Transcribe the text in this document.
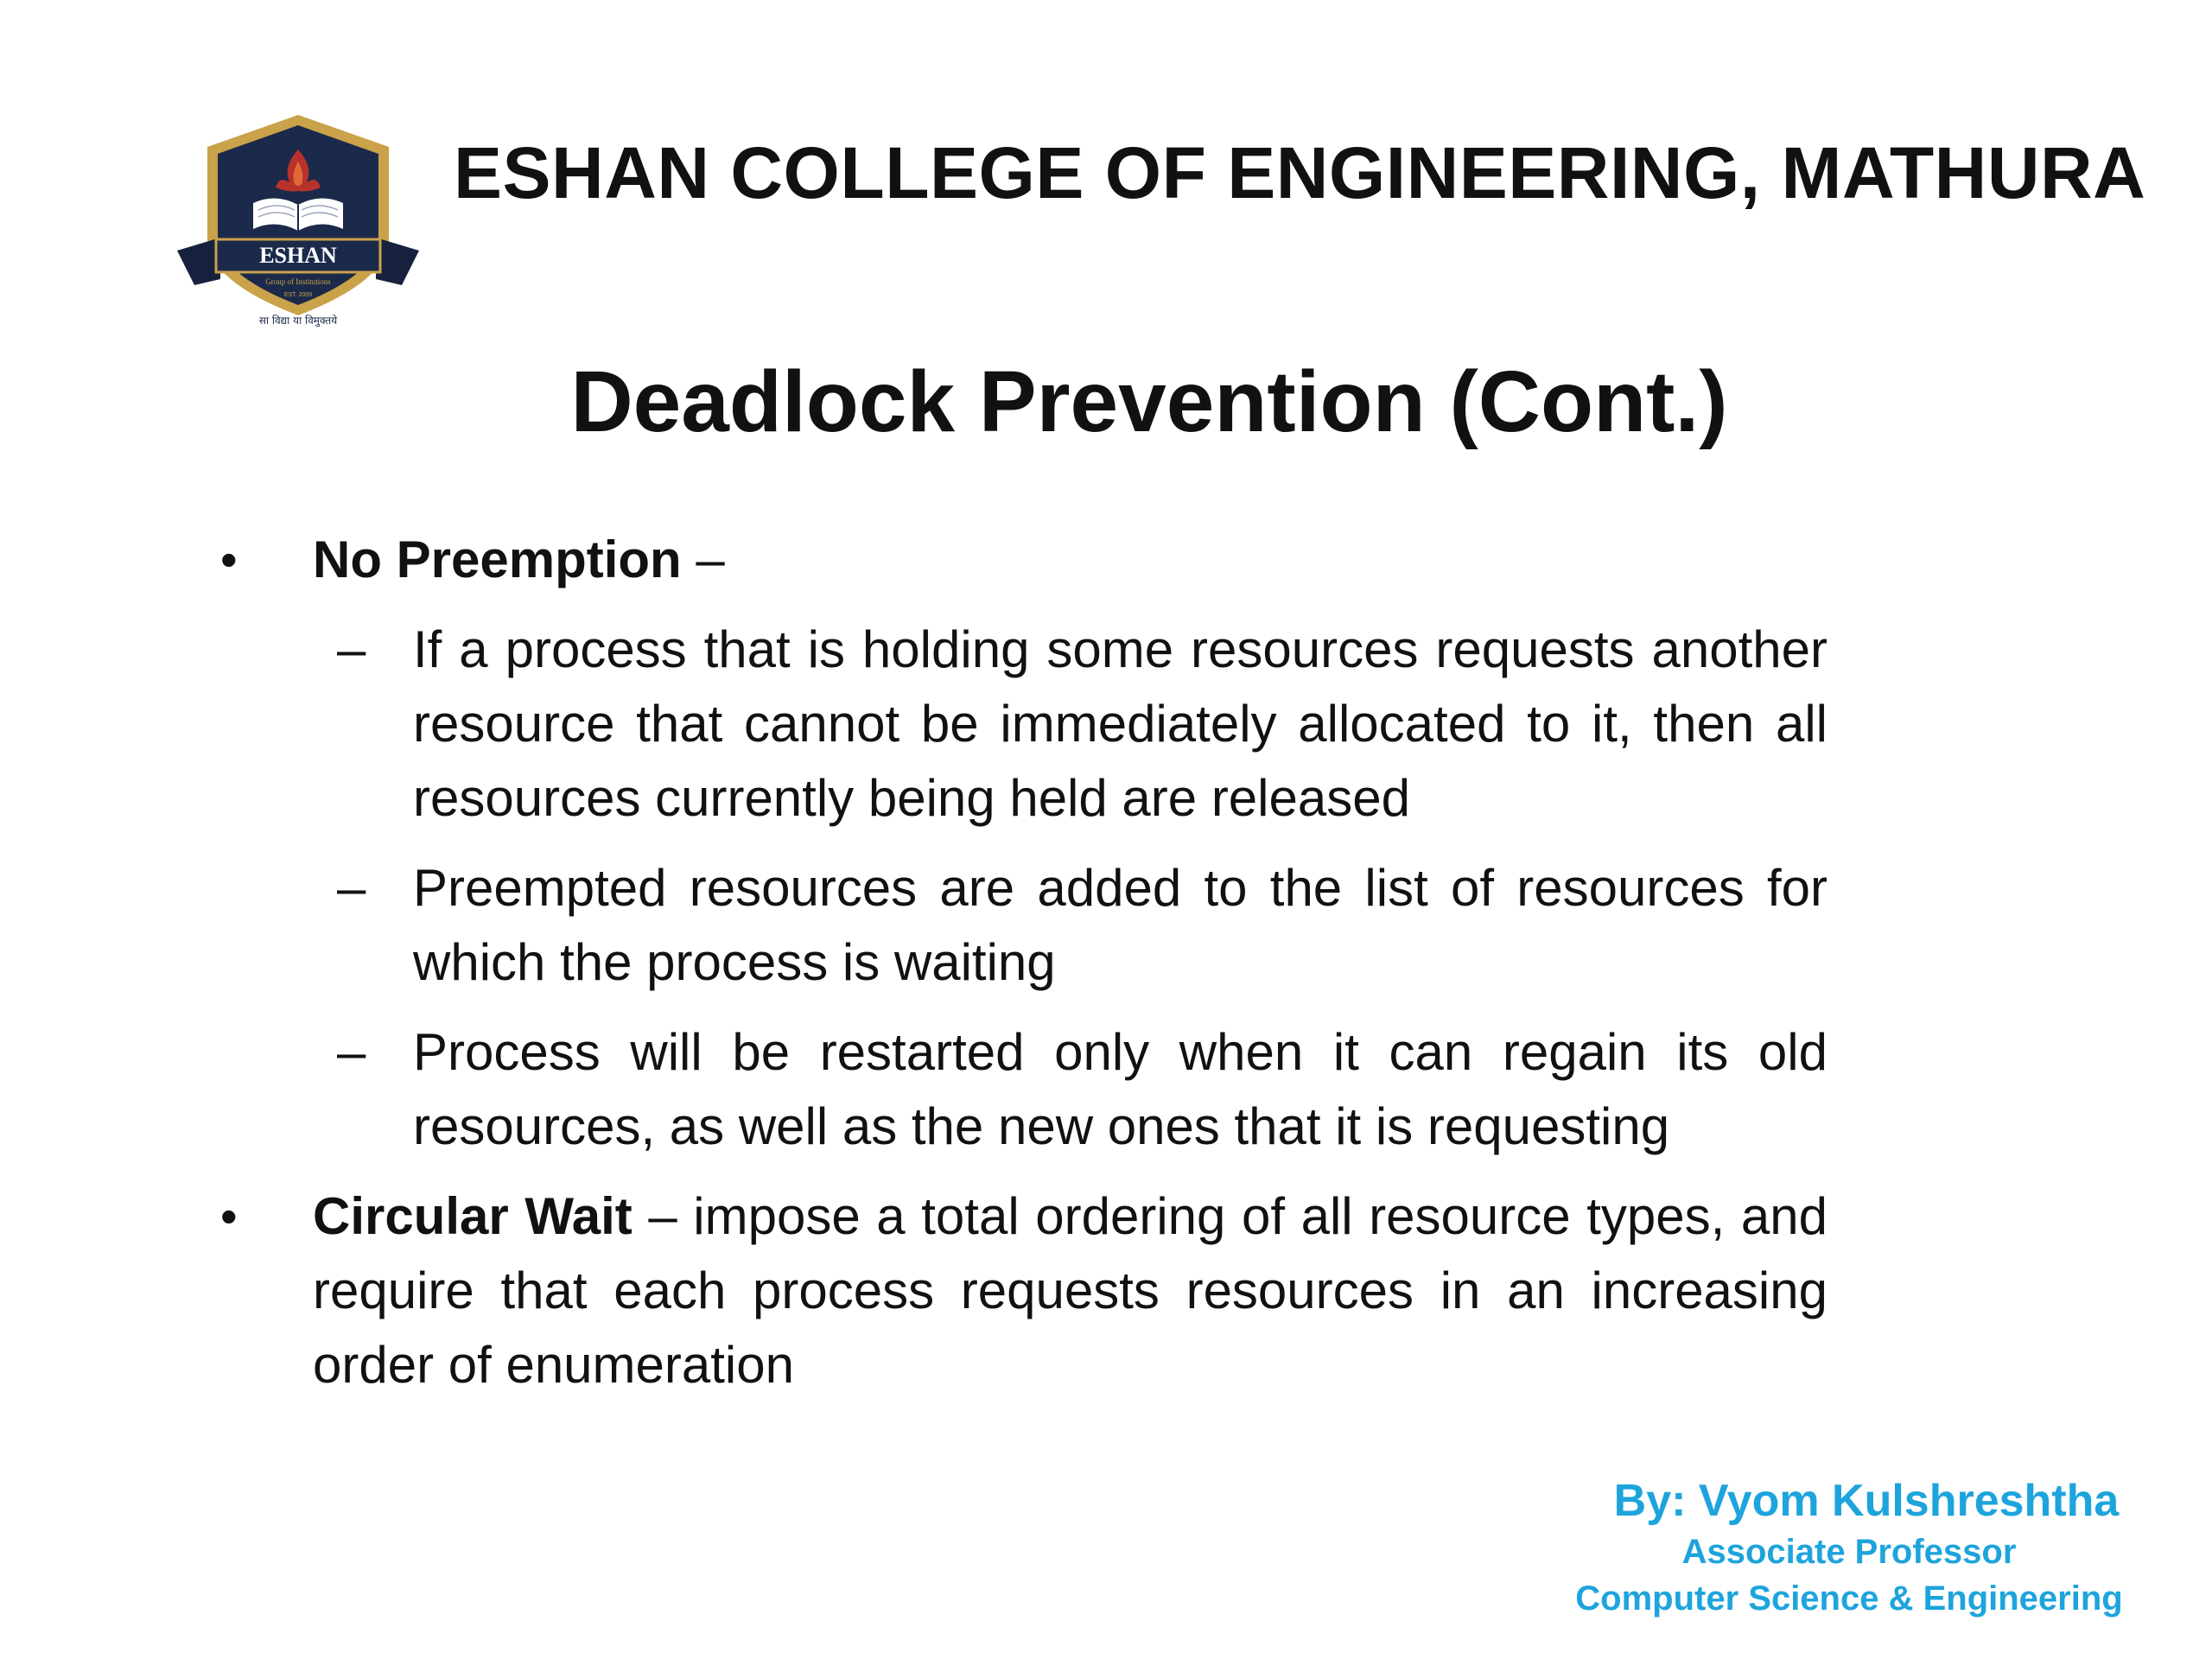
ESHAN
Group of Institutions
EST. 2009
सा विद्या या विमुक्तये
ESHAN COLLEGE OF ENGINEERING, MATHURA
Deadlock Prevention (Cont.)
•	No Preemption –
– If a process that is holding some resources requests another resource that cannot be immediately allocated to it, then all resources currently being held are released
– Preempted resources are added to the list of resources for which the process is waiting
– Process will be restarted only when it can regain its old resources, as well as the new ones that it is requesting
•	Circular Wait – impose a total ordering of all resource types, and require that each process requests resources in an increasing order of enumeration
By: Vyom Kulshreshtha
Associate Professor
Computer Science & Engineering
